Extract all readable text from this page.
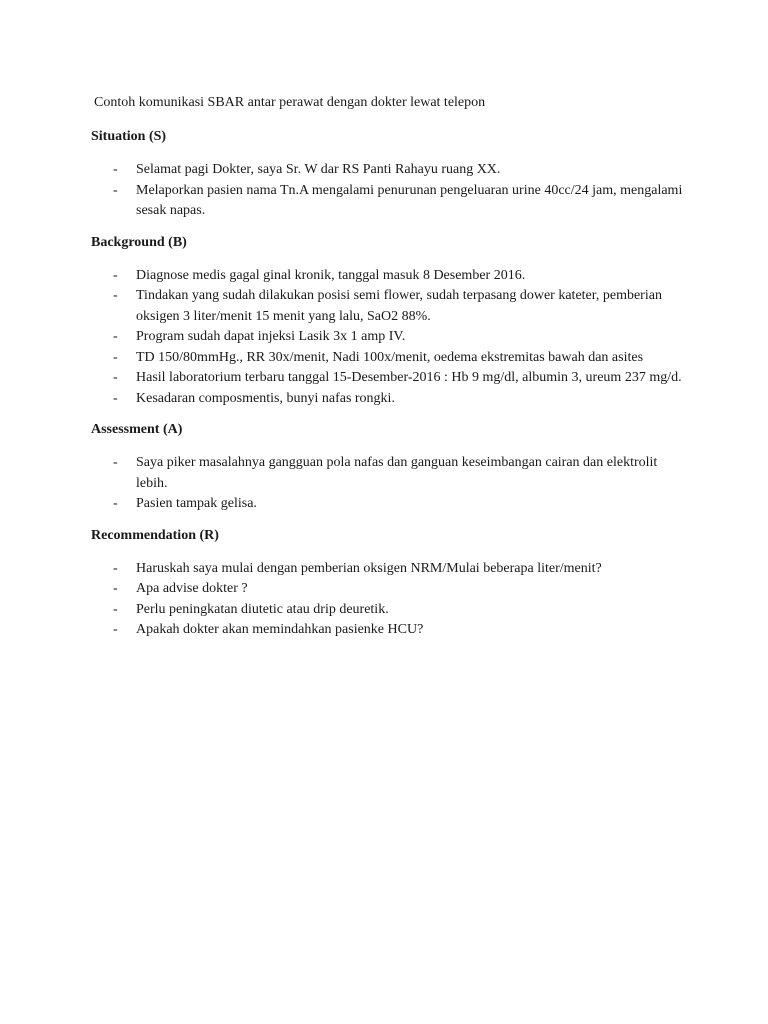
Contoh komunikasi SBAR antar perawat dengan dokter lewat telepon

Situation (S)

- Selamat pagi Dokter, saya Sr. W dar RS Panti Rahayu ruang XX.
- Melaporkan pasien nama Tn.A mengalami penurunan pengeluaran urine 40cc/24 jam, mengalami sesak napas.

Background (B)

- Diagnose medis gagal ginal kronik, tanggal masuk 8 Desember 2016.
- Tindakan yang sudah dilakukan posisi semi flower, sudah terpasang dower kateter, pemberian oksigen 3 liter/menit 15 menit yang lalu, SaO2 88%.
- Program sudah dapat injeksi Lasik 3x 1 amp IV.
- TD 150/80mmHg., RR 30x/menit, Nadi 100x/menit, oedema ekstremitas bawah dan asites
- Hasil laboratorium terbaru tanggal 15-Desember-2016 : Hb 9 mg/dl, albumin 3, ureum 237 mg/d.
- Kesadaran composmentis, bunyi nafas rongki.

Assessment (A)

- Saya piker masalahnya gangguan pola nafas dan ganguan keseimbangan cairan dan elektrolit lebih.
- Pasien tampak gelisa.

Recommendation (R)

- Haruskah saya mulai dengan pemberian oksigen NRM/Mulai beberapa liter/menit?
- Apa advise dokter ?
- Perlu peningkatan diutetic atau drip deuretik.
- Apakah dokter akan memindahkan pasienke HCU?
